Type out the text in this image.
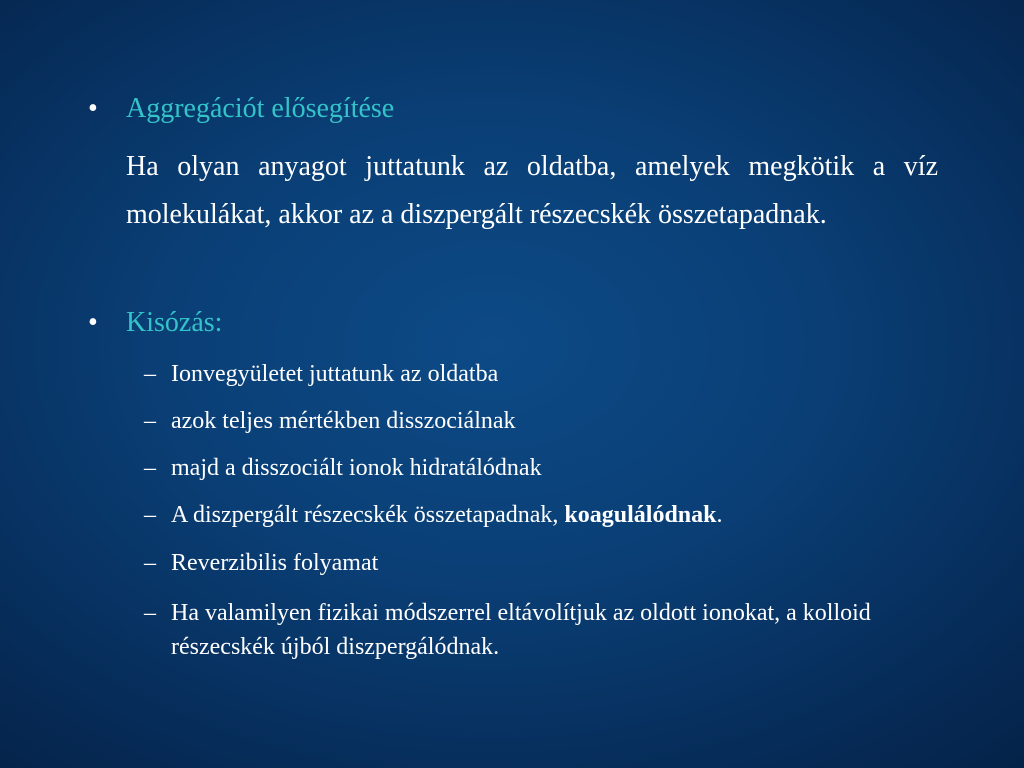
•	Aggregációt elősegítése
Ha olyan anyagot juttatunk az oldatba, amelyek megkötik a víz molekulákat, akkor az a diszpergált részecskék összetapadnak.
•	Kisózás:
– Ionvegyületet juttatunk az oldatba
– azok teljes mértékben disszociálnak
– majd a disszociált ionok hidratálódnak
– A diszpergált részecskék összetapadnak, koagulálódnak.
– Reverzibilis folyamat
– Ha valamilyen fizikai módszerrel eltávolítjuk az oldott ionokat, a kolloid részecskék újból diszpergálódnak.
